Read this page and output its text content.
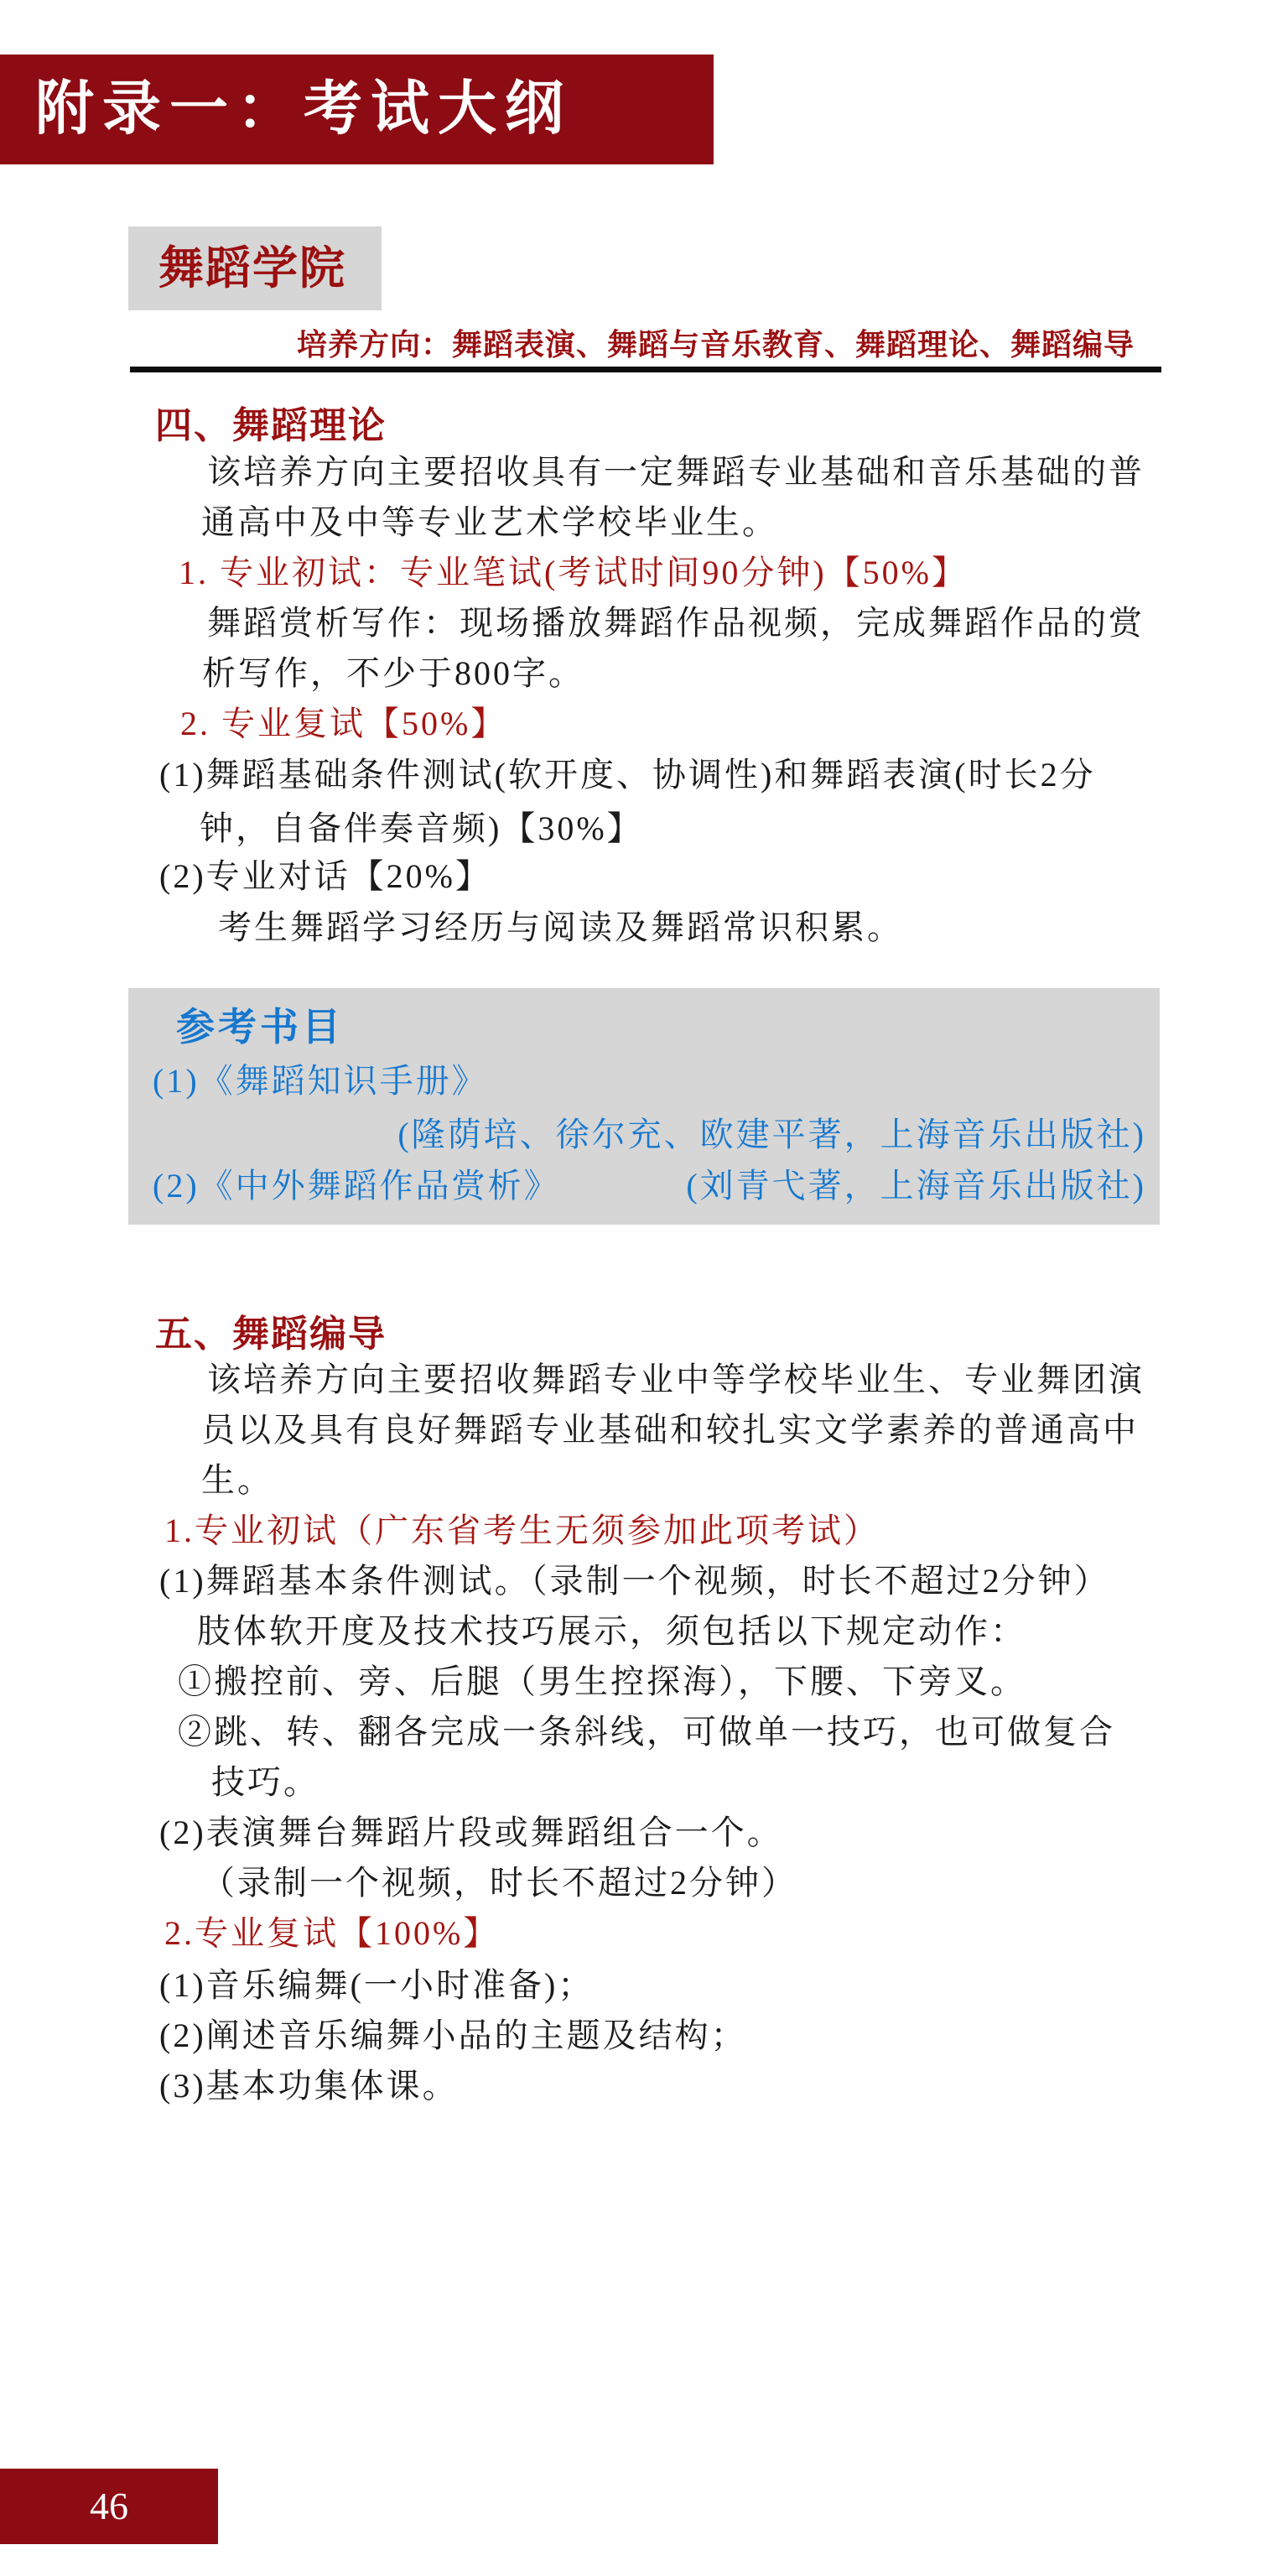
附录一：考试大纲
舞蹈学院
培养方向：舞蹈表演、舞蹈与音乐教育、舞蹈理论、舞蹈编导
四、舞蹈理论
该培养方向主要招收具有一定舞蹈专业基础和音乐基础的普
通高中及中等专业艺术学校毕业生。
1. 专业初试：专业笔试(考试时间90分钟)【50%】
舞蹈赏析写作：现场播放舞蹈作品视频，完成舞蹈作品的赏
析写作，不少于800字。
2. 专业复试【50%】
(1)舞蹈基础条件测试(软开度、协调性)和舞蹈表演(时长2分
钟，自备伴奏音频)【30%】
(2)专业对话【20%】
考生舞蹈学习经历与阅读及舞蹈常识积累。
参考书目
(1)《舞蹈知识手册》
(隆荫培、徐尔充、欧建平著，上海音乐出版社)
(2)《中外舞蹈作品赏析》	(刘青弋著，上海音乐出版社)
五、舞蹈编导
该培养方向主要招收舞蹈专业中等学校毕业生、专业舞团演
员以及具有良好舞蹈专业基础和较扎实文学素养的普通高中
生。
1.专业初试（广东省考生无须参加此项考试）
(1)舞蹈基本条件测试。（录制一个视频，时长不超过2分钟）
肢体软开度及技术技巧展示，须包括以下规定动作：
①搬控前、旁、后腿（男生控探海），下腰、下旁叉。
②跳、转、翻各完成一条斜线，可做单一技巧，也可做复合
技巧。
(2)表演舞台舞蹈片段或舞蹈组合一个。
（录制一个视频，时长不超过2分钟）
2.专业复试【100%】
(1)音乐编舞(一小时准备)；
(2)阐述音乐编舞小品的主题及结构；
(3)基本功集体课。
46
